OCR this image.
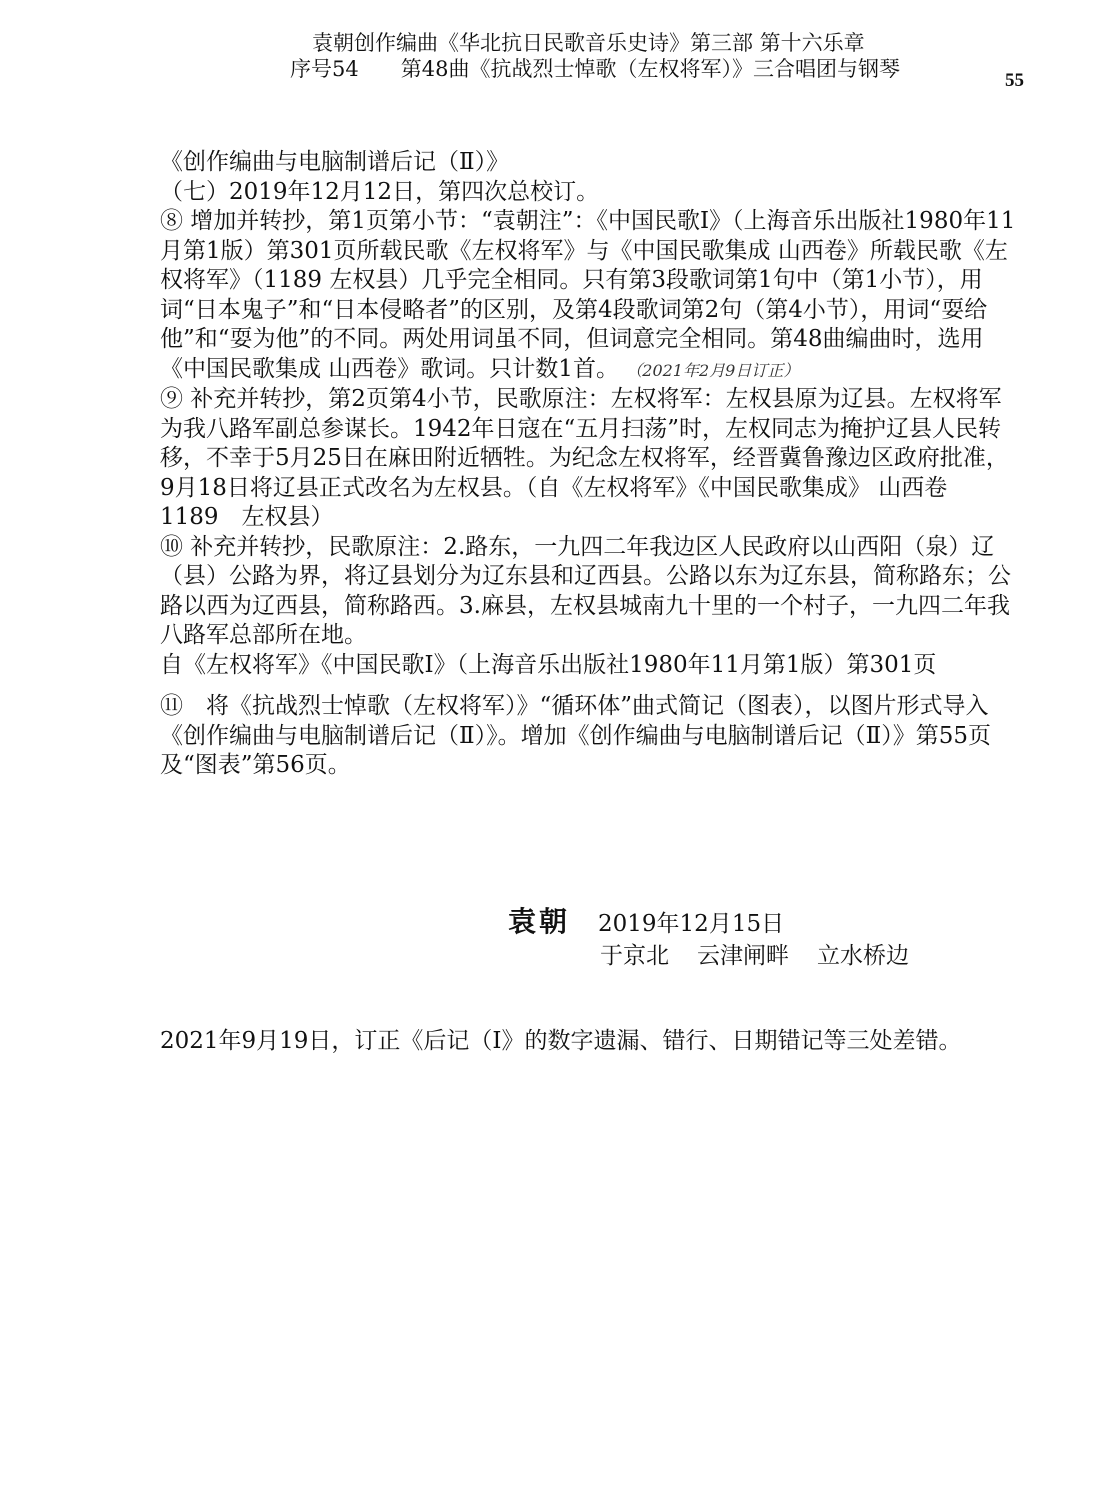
袁朝创作编曲《华北抗日民歌音乐史诗》第三部 第十六乐章
序号54　　第48曲《抗战烈士悼歌（左权将军）》三合唱团与钢琴	55

《创作编曲与电脑制谱后记（Ⅱ）》

（七）2019年12月12日，第四次总校订。

⑧ 增加并转抄，第1页第小节：“袁朝注”：《中国民歌Ⅰ》（上海音乐出版社1980年11月第1版）第301页所载民歌《左权将军》与《中国民歌集成 山西卷》所载民歌《左权将军》（1189 左权县）几乎完全相同。只有第3段歌词第1句中（第1小节），用词“日本鬼子”和“日本侵略者”的区别，及第4段歌词第2句（第4小节），用词“耍给他”和“耍为他”的不同。两处用词虽不同，但词意完全相同。第48曲编曲时，选用《中国民歌集成 山西卷》歌词。只计数1首。 （2021年2月9日订正）

⑨ 补充并转抄，第2页第4小节，民歌原注：左权将军：左权县原为辽县。左权将军为我八路军副总参谋长。1942年日寇在“五月扫荡”时，左权同志为掩护辽县人民转移，不幸于5月25日在麻田附近牺牲。为纪念左权将军，经晋冀鲁豫边区政府批准，9月18日将辽县正式改名为左权县。（自《左权将军》《中国民歌集成》 山西卷　1189　左权县）

⑩ 补充并转抄，民歌原注：2.路东，一九四二年我边区人民政府以山西阳（泉）辽（县）公路为界，将辽县划分为辽东县和辽西县。公路以东为辽东县，简称路东；公路以西为辽西县，简称路西。3.麻县，左权县城南九十里的一个村子，一九四二年我八路军总部所在地。

自《左权将军》《中国民歌Ⅰ》（上海音乐出版社1980年11月第1版）第301页

⑪　将《抗战烈士悼歌（左权将军）》“循环体”曲式简记（图表），以图片形式导入《创作编曲与电脑制谱后记（Ⅱ）》。增加《创作编曲与电脑制谱后记（Ⅱ）》第55页及“图表”第56页。

袁朝 2019年12月15日
于京北 云津闸畔 立水桥边
2021年9月19日，订正《后记（Ⅰ》的数字遗漏、错行、日期错记等三处差错。
